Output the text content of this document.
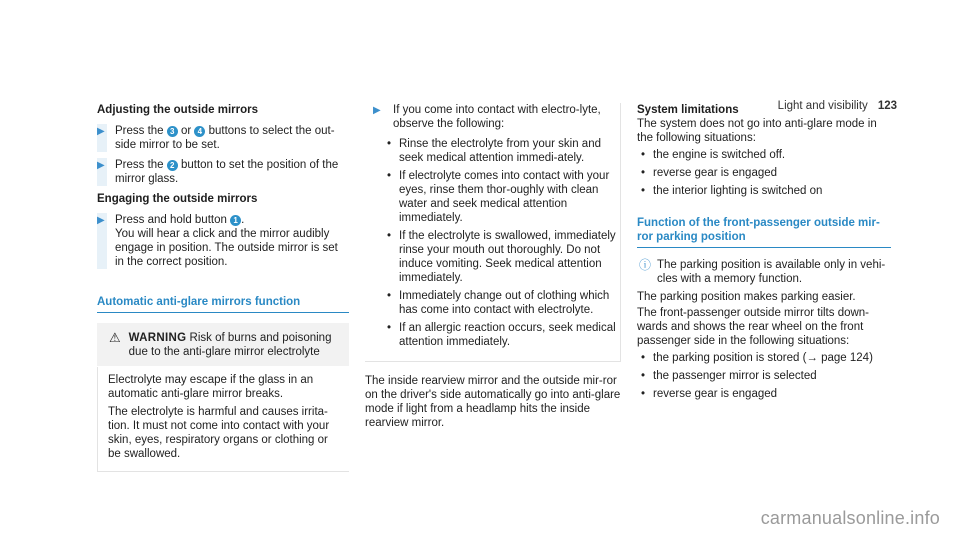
Light and visibility 123
Adjusting the outside mirrors
▶ Press the 3 or 4 buttons to select the out-side mirror to be set.
▶ Press the 2 button to set the position of the mirror glass.
Engaging the outside mirrors
▶ Press and hold button 1 .
You will hear a click and the mirror audibly engage in position. The outside mirror is set in the correct position.
Automatic anti-glare mirrors function
⚠ WARNING Risk of burns and poisoning due to the anti-glare mirror electrolyte

Electrolyte may escape if the glass in an automatic anti-glare mirror breaks.

The electrolyte is harmful and causes irrita-tion. It must not come into contact with your skin, eyes, respiratory organs or clothing or be swallowed.

▶	If you come into contact with electro-lyte, observe the following:
• Rinse the electrolyte from your skin and seek medical attention immedi-ately.
• If electrolyte comes into contact with your eyes, rinse them thor-oughly with clean water and seek medical attention immediately.
• If the electrolyte is swallowed, immediately rinse your mouth out thoroughly. Do not induce vomiting. Seek medical attention immediately.
• Immediately change out of clothing which has come into contact with electrolyte.
• If an allergic reaction occurs, seek medical attention immediately.

The inside rearview mirror and the outside mir-ror on the driver's side automatically go into anti-glare mode if light from a headlamp hits the inside rearview mirror.

System limitations

The system does not go into anti-glare mode in the following situations:

• the engine is switched off.
• reverse gear is engaged
• the interior lighting is switched on
Function of the front-passenger outside mir-ror parking position
ⓘ The parking position is available only in vehi-cles with a memory function.

The parking position makes parking easier.

The front-passenger outside mirror tilts down-wards and shows the rear wheel on the front passenger side in the following situations:

• the parking position is stored (→ page 124)
• the passenger mirror is selected
• reverse gear is engaged
carmanualsonline.info
